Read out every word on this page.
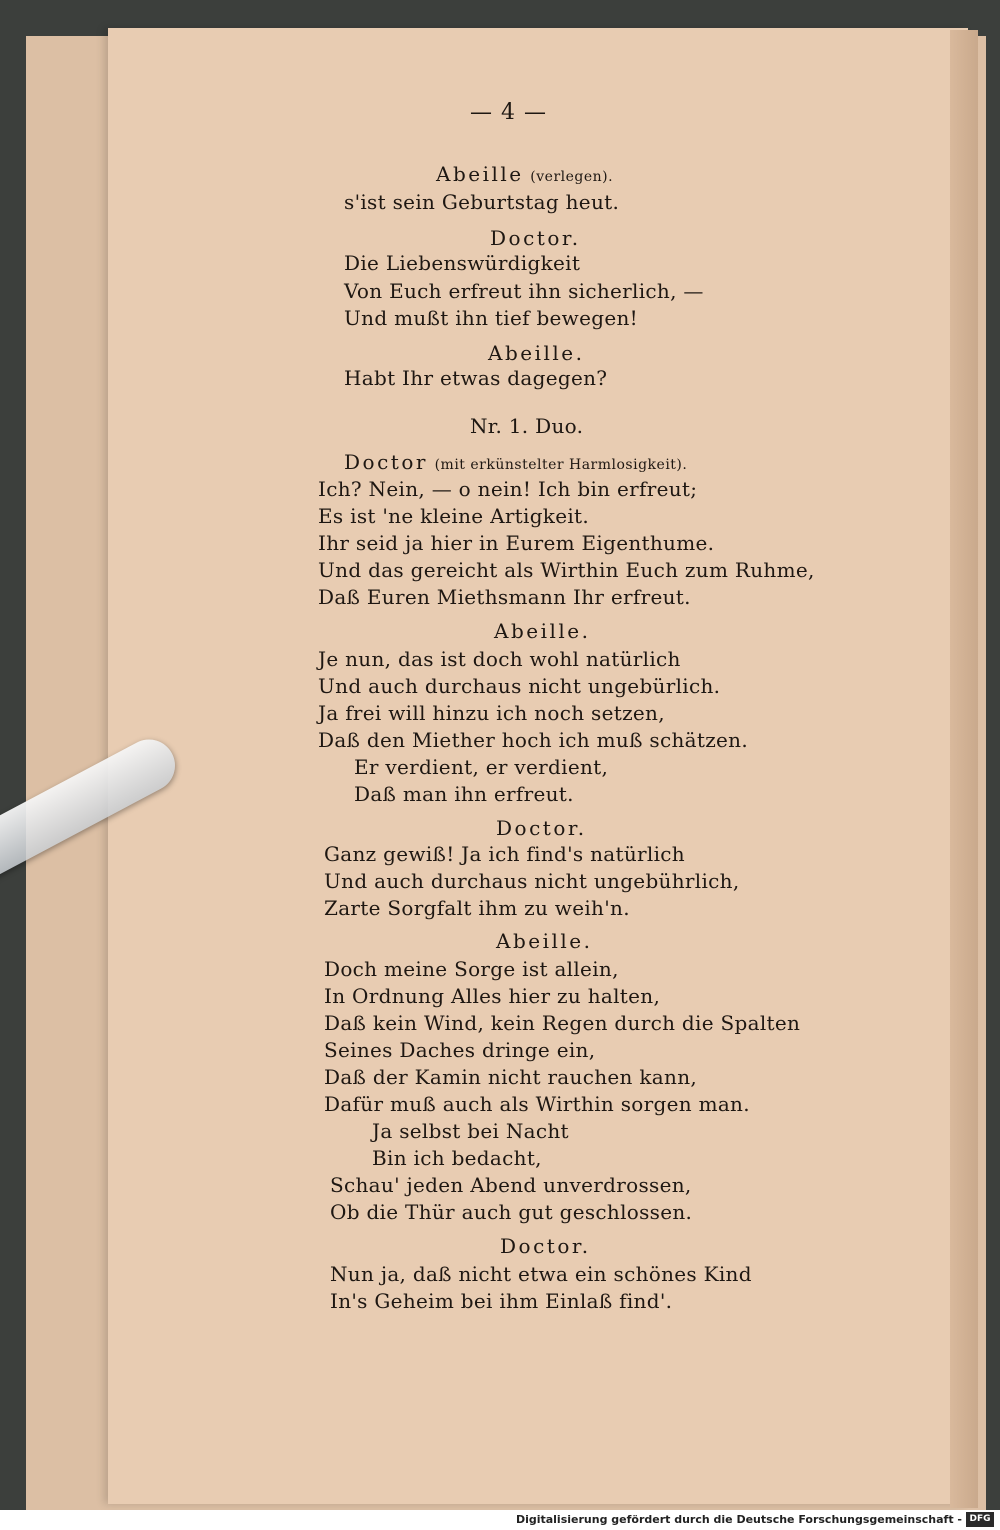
— 4 —

Abeille (verlegen).

s'ist sein Geburtstag heut.

Doctor.

Die Liebenswürdigkeit

Von Euch erfreut ihn sicherlich, —

Und mußt ihn tief bewegen!

Abeille.

Habt Ihr etwas dagegen?

Nr. 1. Duo.

Doctor (mit erkünstelter Harmlosigkeit).

Ich? Nein, — o nein! Ich bin erfreut;

Es ist 'ne kleine Artigkeit.

Ihr seid ja hier in Eurem Eigenthume.

Und das gereicht als Wirthin Euch zum Ruhme,

Daß Euren Miethsmann Ihr erfreut.

Abeille.

Je nun, das ist doch wohl natürlich

Und auch durchaus nicht ungebürlich.

Ja frei will hinzu ich noch setzen,

Daß den Miether hoch ich muß schätzen.

Er verdient, er verdient,

Daß man ihn erfreut.

Doctor.

Ganz gewiß! Ja ich find's natürlich

Und auch durchaus nicht ungebührlich,

Zarte Sorgfalt ihm zu weih'n.

Abeille.

Doch meine Sorge ist allein,

In Ordnung Alles hier zu halten,

Daß kein Wind, kein Regen durch die Spalten

Seines Daches dringe ein,

Daß der Kamin nicht rauchen kann,

Dafür muß auch als Wirthin sorgen man.

Ja selbst bei Nacht

Bin ich bedacht,

Schau' jeden Abend unverdrossen,

Ob die Thür auch gut geschlossen.

Doctor.

Nun ja, daß nicht etwa ein schönes Kind

In's Geheim bei ihm Einlaß find'.

Digitalisierung gefördert durch die Deutsche Forschungsgemeinschaft - DFG
